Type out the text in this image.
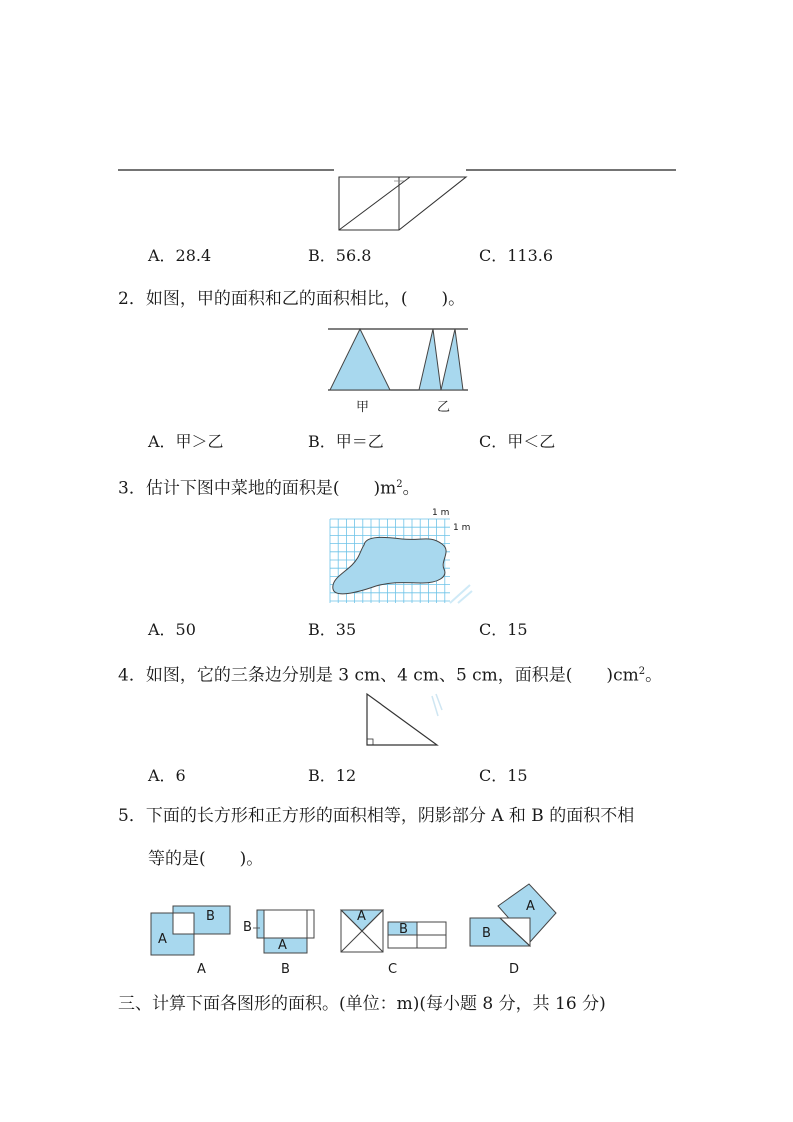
A．28.4	B．56.8	C．113.6
2．如图，甲的面积和乙的面积相比，(　　)。
甲	乙
A．甲＞乙	B．甲＝乙	C．甲＜乙
3．估计下图中菜地的面积是(　　)$m^2$。
1 m
1 m
A．50	B．35	C．15
4．如图，它的三条边分别是 3 cm、4 cm、5 cm，面积是(　　)$cm^2$。
A．6	B．12	C．15
5．下面的长方形和正方形的面积相等，阴影部分 A 和 B 的面积不相
等的是(　　)。
A
B
A
B
A
B
A
B
C
B
A
D
三、计算下面各图形的面积。(单位：m)(每小题 8 分，共 16 分)
